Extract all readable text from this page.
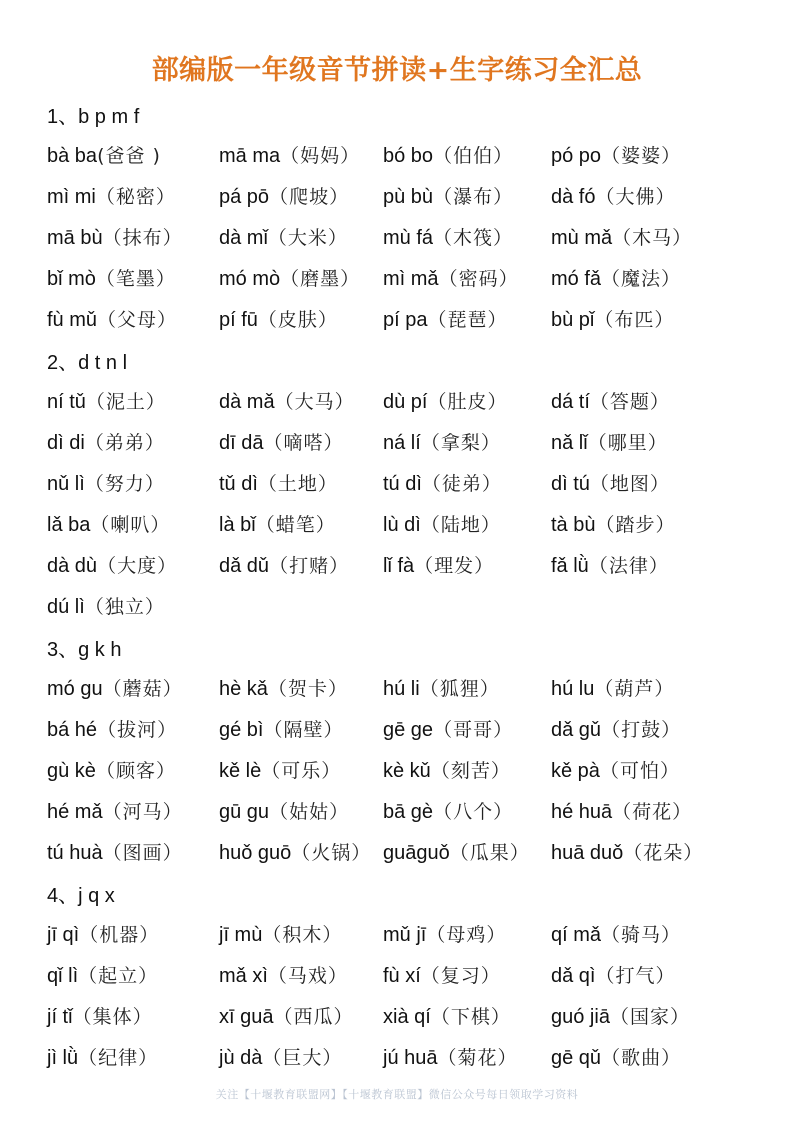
部编版一年级音节拼读+生字练习全汇总
1、b p m f
bà ba(爸爸 )	mā ma（妈妈） bó bo（伯伯） pó po（婆婆）
mì mi（秘密） pá pō（爬坡） pù bù（瀑布） dà fó（大佛）
mā bù（抹布） dà mǐ（大米） mù fá（木筏） mù mǎ（木马）
bǐ mò（笔墨） mó mò（磨墨） mì mǎ（密码） mó fǎ（魔法）
fù mǔ（父母） pí fū（皮肤） pí pa（琵琶） bù pǐ（布匹）
2、d t n l
ní tǔ（泥土）	dà mǎ（大马） dù pí（肚皮） dá tí（答题）
dì di（弟弟）	dī dā（嘀嗒） ná lí（拿梨）	nǎ lǐ（哪里）
nǔ lì（努力）	tǔ dì（土地） tú dì（徒弟） dì tú（地图）
lǎ ba（喇叭） là bǐ（蜡笔） lù dì（陆地）	tà bù（踏步）
dà dù（大度） dǎ dǔ（打赌） lǐ fà（理发）	fǎ lǜ（法律）
dú lì（独立）
3、g k h
mó gu（蘑菇） hè kǎ（贺卡） hú li（狐狸）	hú lu（葫芦）
bá hé（拔河） gé bì（隔壁） gē ge（哥哥） dǎ gǔ（打鼓）
gù kè（顾客） kě lè（可乐） kè kǔ（刻苦） kě pà（可怕）
hé mǎ（河马） gū gu（姑姑） bā gè（八个） hé huā（荷花）
tú huà（图画） huǒ guō（火锅） guāguǒ（瓜果） huā duǒ（花朵）
4、j q x
jī qì（机器）	jī mù（积木） mǔ jī（母鸡） qí mǎ（骑马）
qǐ lì（起立）	mǎ xì（马戏） fù xí（复习）	dǎ qì（打气）
jí tǐ（集体）	xī guā（西瓜） xià qí（下棋） guó jiā（国家）
jì lǜ（纪律）	jù dà（巨大） jú huā（菊花） gē qǔ（歌曲）
关注【十堰教育联盟网】【十堰教育联盟】微信公众号每日领取学习资料
